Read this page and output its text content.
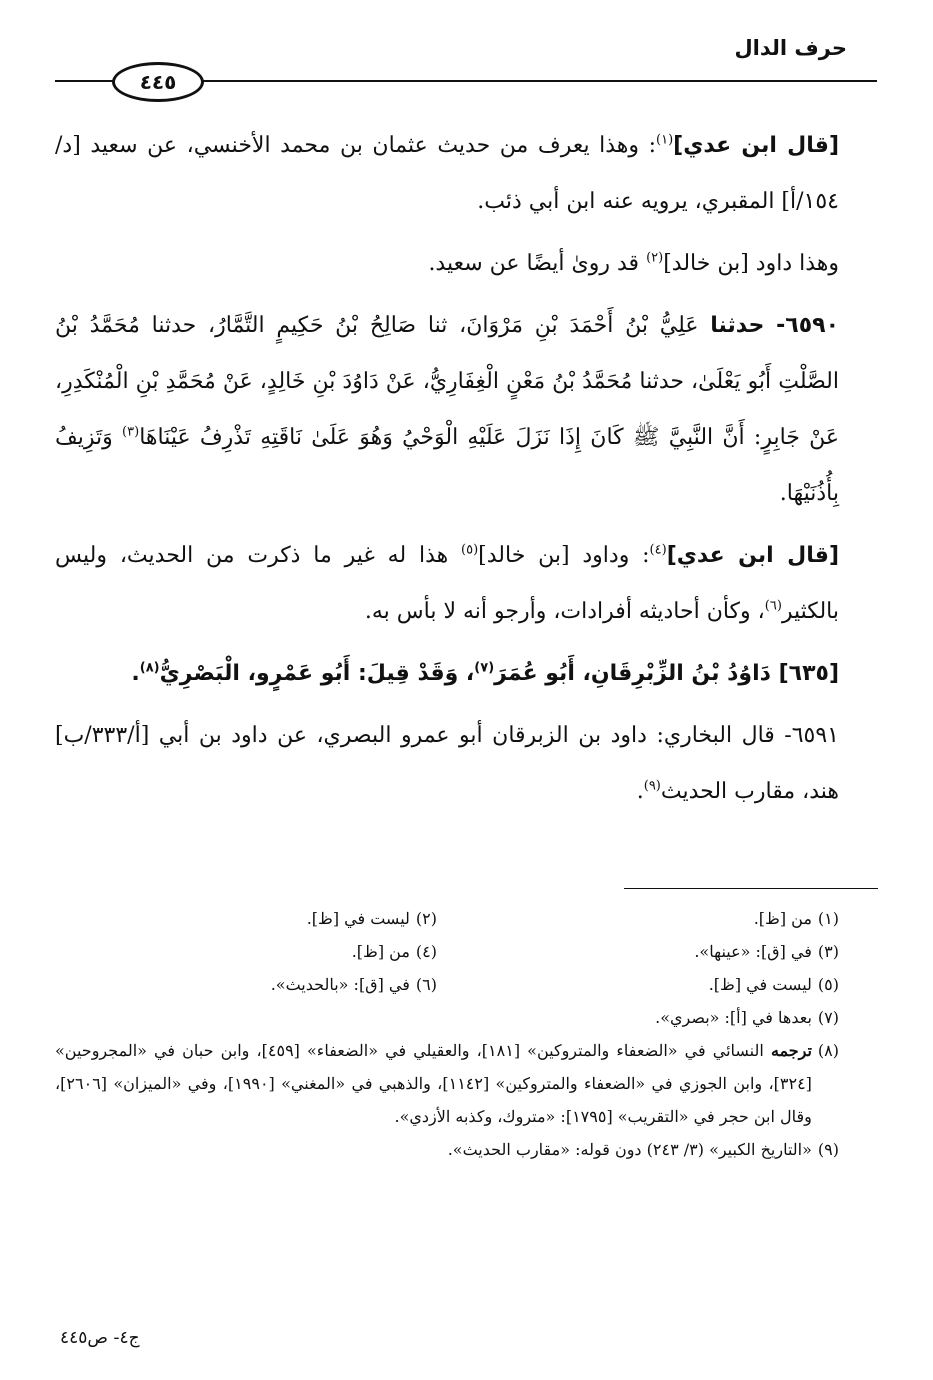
حرف الدال
٤٤٥

[قال ابن عدي]$^{(١)}$: وهذا يعرف من حديث عثمان بن محمد الأخنسي، عن سعيد [د/١٥٤/أ] المقبري، يرويه عنه ابن أبي ذئب.

وهذا داود [بن خالد]$^{(٢)}$ قد روىٰ أيضًا عن سعيد.

٦٥٩٠- حدثنا عَلِيُّ بْنُ أَحْمَدَ بْنِ مَرْوَانَ، ثنا صَالِحُ بْنُ حَكِيمٍ التَّمَّارُ، حدثنا مُحَمَّدُ بْنُ الصَّلْتِ أَبُو يَعْلَىٰ، حدثنا مُحَمَّدُ بْنُ مَعْنٍ الْغِفَارِيُّ، عَنْ دَاوُدَ بْنِ خَالِدٍ، عَنْ مُحَمَّدِ بْنِ الْمُنْكَدِرِ، عَنْ جَابِرٍ: أَنَّ النَّبِيَّ ﷺ كَانَ إِذَا نَزَلَ عَلَيْهِ الْوَحْيُ وَهُوَ عَلَىٰ نَاقَتِهِ تَذْرِفُ عَيْنَاهَا$^{(٣)}$ وَتَزِيفُ بِأُذُنَيْهَا.

[قال ابن عدي]$^{(٤)}$: وداود [بن خالد]$^{(٥)}$ هذا له غير ما ذكرت من الحديث، وليس بالكثير$^{(٦)}$، وكأن أحاديثه أفرادات، وأرجو أنه لا بأس به.

[٦٣٥] دَاوُدُ بْنُ الزِّبْرِقَانِ، أَبُو عُمَرَ$^{(٧)}$، وَقَدْ قِيلَ: أَبُو عَمْرٍو، الْبَصْرِيُّ$^{(٨)}$.

٦٥٩١- قال البخاري: داود بن الزبرقان أبو عمرو البصري، عن داود بن أبي [أ/٣٣٣/ب] هند، مقارب الحديث$^{(٩)}$.

(١)
من [ظ].
(٢)
ليست في [ظ].
(٣)
في [ق]: «عينها».
(٤)
من [ظ].
(٥)
ليست في [ظ].
(٦)
في [ق]: «بالحديث».
(٧)
بعدها في [أ]: «بصري».
(٨)
ترجمه النسائي في «الضعفاء والمتروكين» [١٨١]، والعقيلي في «الضعفاء» [٤٥٩]، وابن حبان في «المجروحين» [٣٢٤]، وابن الجوزي في «الضعفاء والمتروكين» [١١٤٢]، والذهبي في «المغني» [١٩٩٠]، وفي «الميزان» [٢٦٠٦]، وقال ابن حجر في «التقريب» [١٧٩٥]: «متروك، وكذبه الأزدي».
(٩)
«التاريخ الكبير» (٣/ ٢٤٣) دون قوله: «مقارب الحديث».
ج٤- ص٤٤٥
